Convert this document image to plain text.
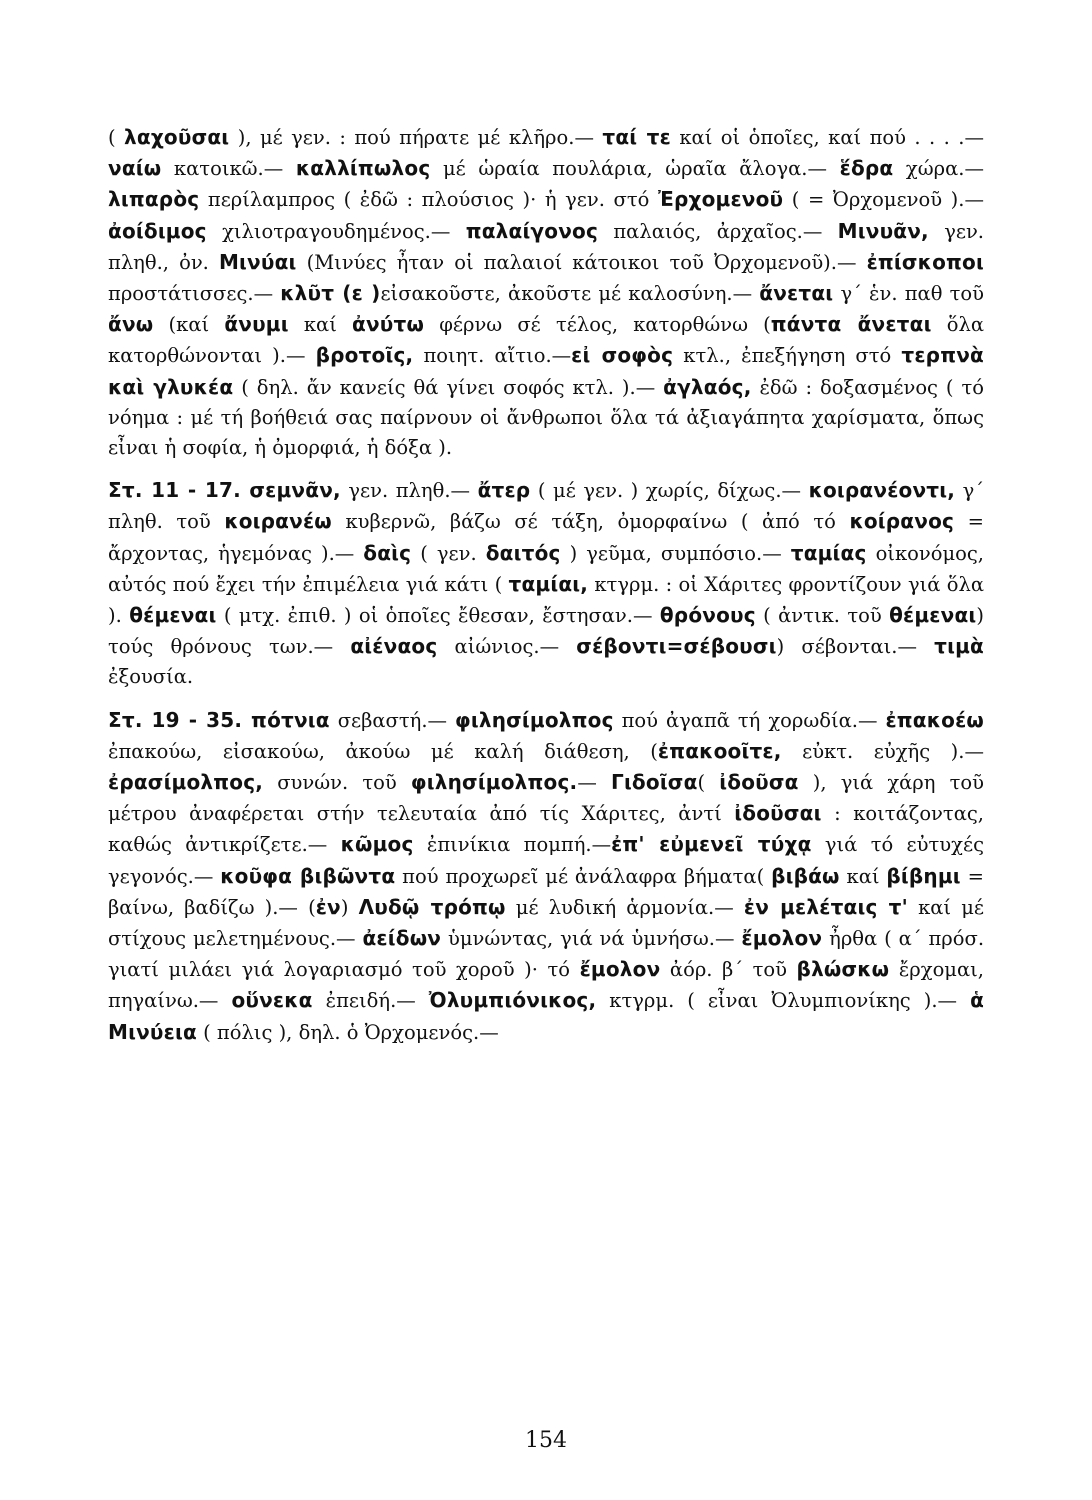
( λαχοῦσαι ), μέ γεν. : πού πήρατε μέ κλῆρο.— ταί τε καί οἱ ὁποῖες, καί πού . . . .— ναίω κατοικῶ.— καλλίπωλος μέ ὡραία πουλάρια, ὡραῖα ἄλογα.— ἕδρα χώρα.— λιπαρὸς περίλαμπρος ( ἐδῶ : πλούσιος )· ἡ γεν. στό Ἐρχομενοῦ ( = Ὀρχομενοῦ ).— ἀοίδιμος χιλιοτραγουδημένος.— παλαίγονος παλαιός, ἀρχαῖος.— Μινυᾶν, γεν. πληθ., ὀν. Μινύαι (Μινύες ἦταν οἱ παλαιοί κάτοικοι τοῦ Ὀρχομενοῦ).— ἐπίσκοποι προστάτισσες.— κλῦτ (ε )εἰσακοῦστε, ἀκοῦστε μέ καλοσύνη.— ἄνεται γ΄ ἑν. παθ τοῦ ἄνω (καί ἄνυμι καί ἀνύτω φέρνω σέ τέλος, κατορθώνω (πάντα ἄνεται ὅλα κατορθώνονται ).— βροτοῖς, ποιητ. αἴτιο.—εἰ σοφὸς κτλ., ἐπεξήγηση στό τερπνὰ καὶ γλυκέα ( δηλ. ἄν κανείς θά γίνει σοφός κτλ. ).— ἀγλαός, ἐδῶ : δοξασμένος ( τό νόημα : μέ τή βοήθειά σας παίρνουν οἱ ἄνθρωποι ὅλα τά ἀξιαγάπητα χαρίσματα, ὅπως εἶναι ἡ σοφία, ἡ ὀμορφιά, ἡ δόξα ).

Στ. 11 - 17. σεμνᾶν, γεν. πληθ.— ἄτερ ( μέ γεν. ) χωρίς, δίχως.— κοιρανέοντι, γ΄ πληθ. τοῦ κοιρανέω κυβερνῶ, βάζω σέ τάξη, ὀμορφαίνω ( ἀπό τό κοίρανος = ἄρχοντας, ἡγεμόνας ).— δαὶς ( γεν. δαιτός ) γεῦμα, συμπόσιο.— ταμίας οἰκονόμος, αὐτός πού ἔχει τήν ἐπιμέλεια γιά κάτι ( ταμίαι, κτγρμ. : οἱ Χάριτες φροντίζουν γιά ὅλα ). θέμεναι ( μτχ. ἐπιθ. ) οἱ ὁποῖες ἔθεσαν, ἔστησαν.— θρόνους ( ἀντικ. τοῦ θέμεναι) τούς θρόνους των.— αἰέναος αἰώνιος.— σέβοντι=σέβουσι) σέβονται.— τιμὰ ἐξουσία.

Στ. 19 - 35. πότνια σεβαστή.— φιλησίμολπος πού ἀγαπᾶ τή χορωδία.— ἐπακοέω ἐπακούω, εἰσακούω, ἀκούω μέ καλή διάθεση, (ἐπακοοῖτε, εὐκτ. εὐχῆς ).— ἐρασίμολπος, συνών. τοῦ φιλησίμολπος.— Γιδοῖσα( ἰδοῦσα ), γιά χάρη τοῦ μέτρου ἀναφέρεται στήν τελευταία ἀπό τίς Χάριτες, ἀντί ἰδοῦσαι : κοιτάζοντας, καθώς ἀντικρίζετε.— κῶμος ἐπινίκια πομπή.—ἐπ' εὐμενεῖ τύχᾳ γιά τό εὐτυχές γεγονός.— κοῦφα βιβῶντα πού προχωρεῖ μέ ἀνάλαφρα βήματα( βιβάω καί βίβημι = βαίνω, βαδίζω ).— (ἐν) Λυδῷ τρόπῳ μέ λυδική ἁρμονία.— ἐν μελέταις τ' καί μέ στίχους μελετημένους.— ἀείδων ὑμνώντας, γιά νά ὑμνήσω.— ἔμολον ἦρθα ( α΄ πρόσ. γιατί μιλάει γιά λογαριασμό τοῦ χοροῦ )· τό ἔμολον ἀόρ. β΄ τοῦ βλώσκω ἔρχομαι, πηγαίνω.— οὕνεκα ἐπειδή.— Ὀλυμπιόνικος, κτγρμ. ( εἶναι Ὀλυμπιονίκης ).— ἁ Μινύεια ( πόλις ), δηλ. ὁ Ὀρχομενός.—

154
